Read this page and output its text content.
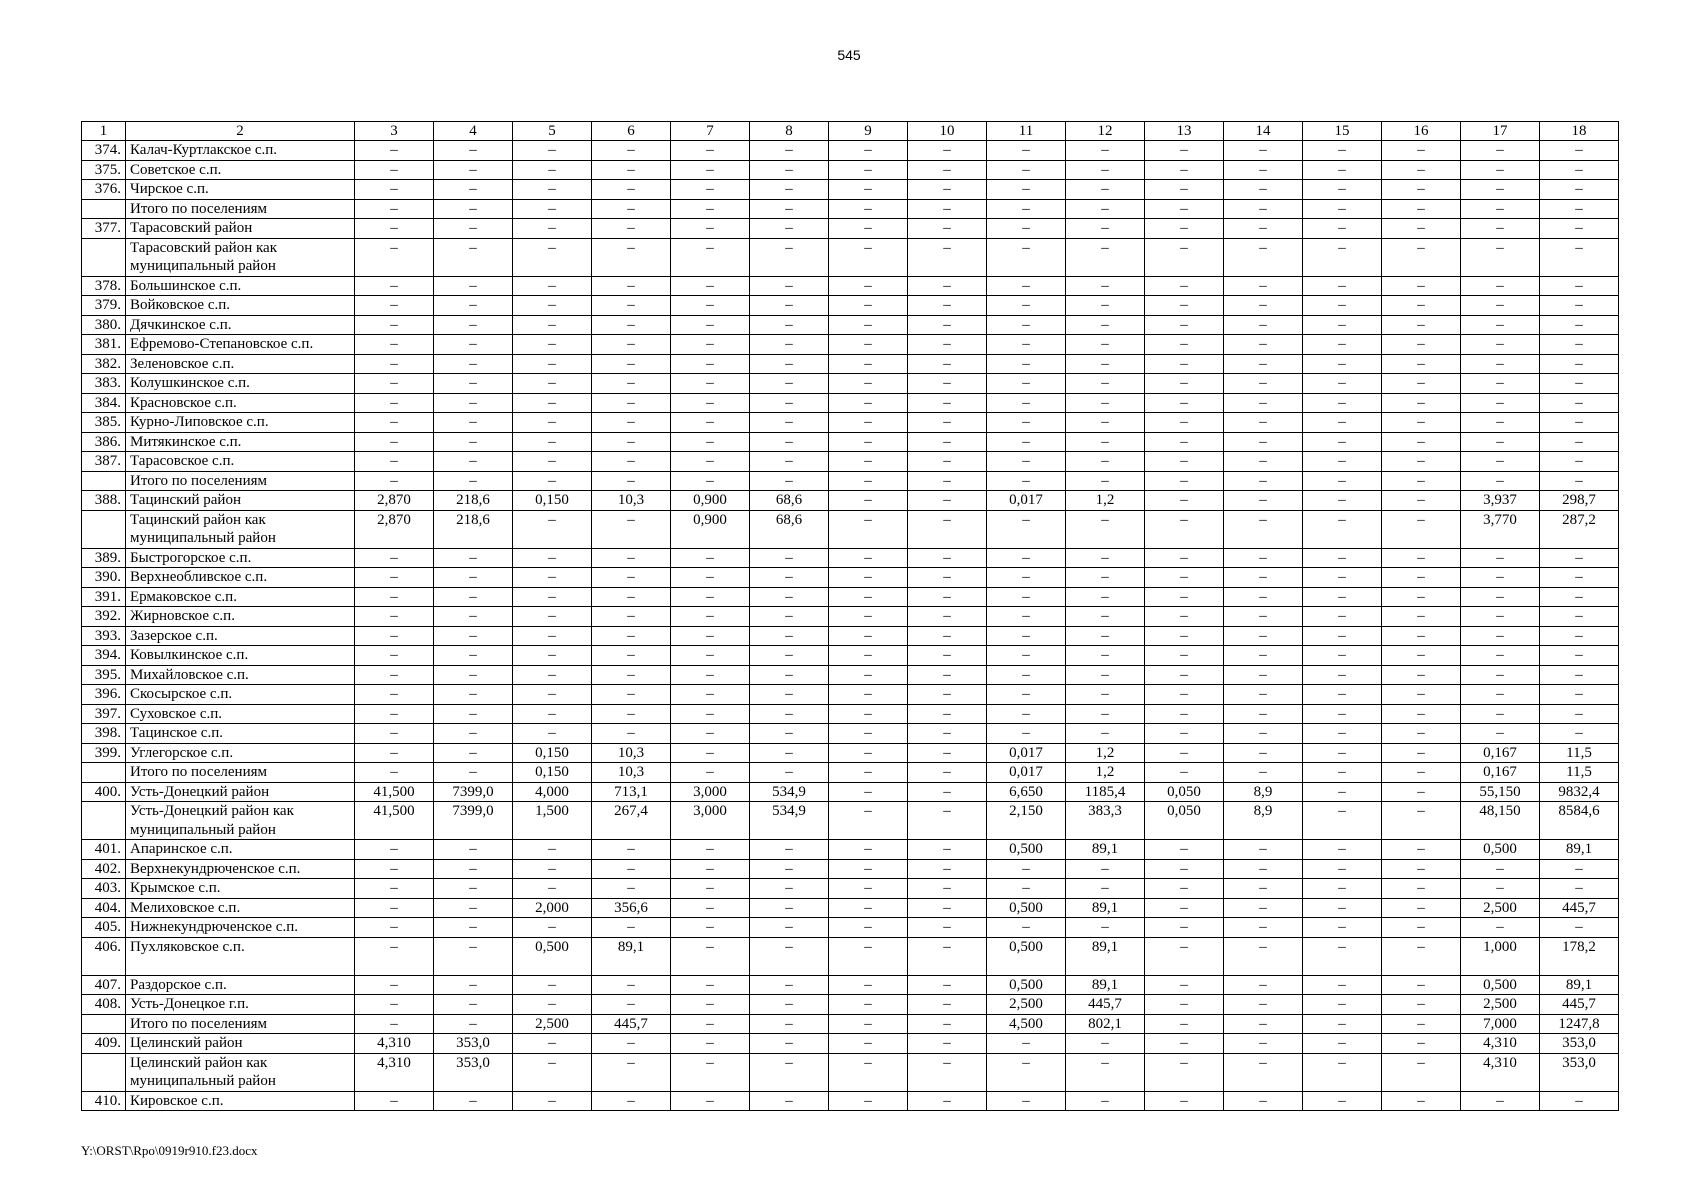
545
1	2	3	4	5	6	7	8	9	10	11	12	13	14	15	16	17	18
374.	Калач-Куртлакское с.п.	–	–	–	–	–	–	–	–	–	–	–	–	–	–	–	–
375.	Советское с.п.	–	–	–	–	–	–	–	–	–	–	–	–	–	–	–	–
376.	Чирское с.п.	–	–	–	–	–	–	–	–	–	–	–	–	–	–	–	–
	Итого по поселениям	–	–	–	–	–	–	–	–	–	–	–	–	–	–	–	–
377.	Тарасовский район	–	–	–	–	–	–	–	–	–	–	–	–	–	–	–	–
	Тарасовский район как муниципальный район	–	–	–	–	–	–	–	–	–	–	–	–	–	–	–	–
378.	Большинское с.п.	–	–	–	–	–	–	–	–	–	–	–	–	–	–	–	–
379.	Войковское с.п.	–	–	–	–	–	–	–	–	–	–	–	–	–	–	–	–
380.	Дячкинское с.п.	–	–	–	–	–	–	–	–	–	–	–	–	–	–	–	–
381.	Ефремово-Степановское с.п.	–	–	–	–	–	–	–	–	–	–	–	–	–	–	–	–
382.	Зеленовское с.п.	–	–	–	–	–	–	–	–	–	–	–	–	–	–	–	–
383.	Колушкинское с.п.	–	–	–	–	–	–	–	–	–	–	–	–	–	–	–	–
384.	Красновское с.п.	–	–	–	–	–	–	–	–	–	–	–	–	–	–	–	–
385.	Курно-Липовское с.п.	–	–	–	–	–	–	–	–	–	–	–	–	–	–	–	–
386.	Митякинское с.п.	–	–	–	–	–	–	–	–	–	–	–	–	–	–	–	–
387.	Тарасовское с.п.	–	–	–	–	–	–	–	–	–	–	–	–	–	–	–	–
	Итого по поселениям	–	–	–	–	–	–	–	–	–	–	–	–	–	–	–	–
388.	Тацинский район	2,870	218,6	0,150	10,3	0,900	68,6	–	–	0,017	1,2	–	–	–	–	3,937	298,7
	Тацинский район как муниципальный район	2,870	218,6	–	–	0,900	68,6	–	–	–	–	–	–	–	–	3,770	287,2
389.	Быстрогорское с.п.	–	–	–	–	–	–	–	–	–	–	–	–	–	–	–	–
390.	Верхнеобливское с.п.	–	–	–	–	–	–	–	–	–	–	–	–	–	–	–	–
391.	Ермаковское с.п.	–	–	–	–	–	–	–	–	–	–	–	–	–	–	–	–
392.	Жирновское с.п.	–	–	–	–	–	–	–	–	–	–	–	–	–	–	–	–
393.	Зазерское с.п.	–	–	–	–	–	–	–	–	–	–	–	–	–	–	–	–
394.	Ковылкинское с.п.	–	–	–	–	–	–	–	–	–	–	–	–	–	–	–	–
395.	Михайловское с.п.	–	–	–	–	–	–	–	–	–	–	–	–	–	–	–	–
396.	Скосырское с.п.	–	–	–	–	–	–	–	–	–	–	–	–	–	–	–	–
397.	Суховское с.п.	–	–	–	–	–	–	–	–	–	–	–	–	–	–	–	–
398.	Тацинское с.п.	–	–	–	–	–	–	–	–	–	–	–	–	–	–	–	–
399.	Углегорское с.п.	–	–	0,150	10,3	–	–	–	–	0,017	1,2	–	–	–	–	0,167	11,5
	Итого по поселениям	–	–	0,150	10,3	–	–	–	–	0,017	1,2	–	–	–	–	0,167	11,5
400.	Усть-Донецкий район	41,500	7399,0	4,000	713,1	3,000	534,9	–	–	6,650	1185,4	0,050	8,9	–	–	55,150	9832,4
	Усть-Донецкий район как муниципальный район	41,500	7399,0	1,500	267,4	3,000	534,9	–	–	2,150	383,3	0,050	8,9	–	–	48,150	8584,6
401.	Апаринское с.п.	–	–	–	–	–	–	–	–	0,500	89,1	–	–	–	–	0,500	89,1
402.	Верхнекундрюченское с.п.	–	–	–	–	–	–	–	–	–	–	–	–	–	–	–	–
403.	Крымское с.п.	–	–	–	–	–	–	–	–	–	–	–	–	–	–	–	–
404.	Мелиховское с.п.	–	–	2,000	356,6	–	–	–	–	0,500	89,1	–	–	–	–	2,500	445,7
405.	Нижнекундрюченское с.п.	–	–	–	–	–	–	–	–	–	–	–	–	–	–	–	–
406.	Пухляковское с.п.	–	–	0,500	89,1	–	–	–	–	0,500	89,1	–	–	–	–	1,000	178,2
407.	Раздорское с.п.	–	–	–	–	–	–	–	–	0,500	89,1	–	–	–	–	0,500	89,1
408.	Усть-Донецкое г.п.	–	–	–	–	–	–	–	–	2,500	445,7	–	–	–	–	2,500	445,7
	Итого по поселениям	–	–	2,500	445,7	–	–	–	–	4,500	802,1	–	–	–	–	7,000	1247,8
409.	Целинский район	4,310	353,0	–	–	–	–	–	–	–	–	–	–	–	–	4,310	353,0
	Целинский район как муниципальный район	4,310	353,0	–	–	–	–	–	–	–	–	–	–	–	–	4,310	353,0
410.	Кировское с.п.	–	–	–	–	–	–	–	–	–	–	–	–	–	–	–	–
Y:\ORST\Rpo\0919r910.f23.docx
